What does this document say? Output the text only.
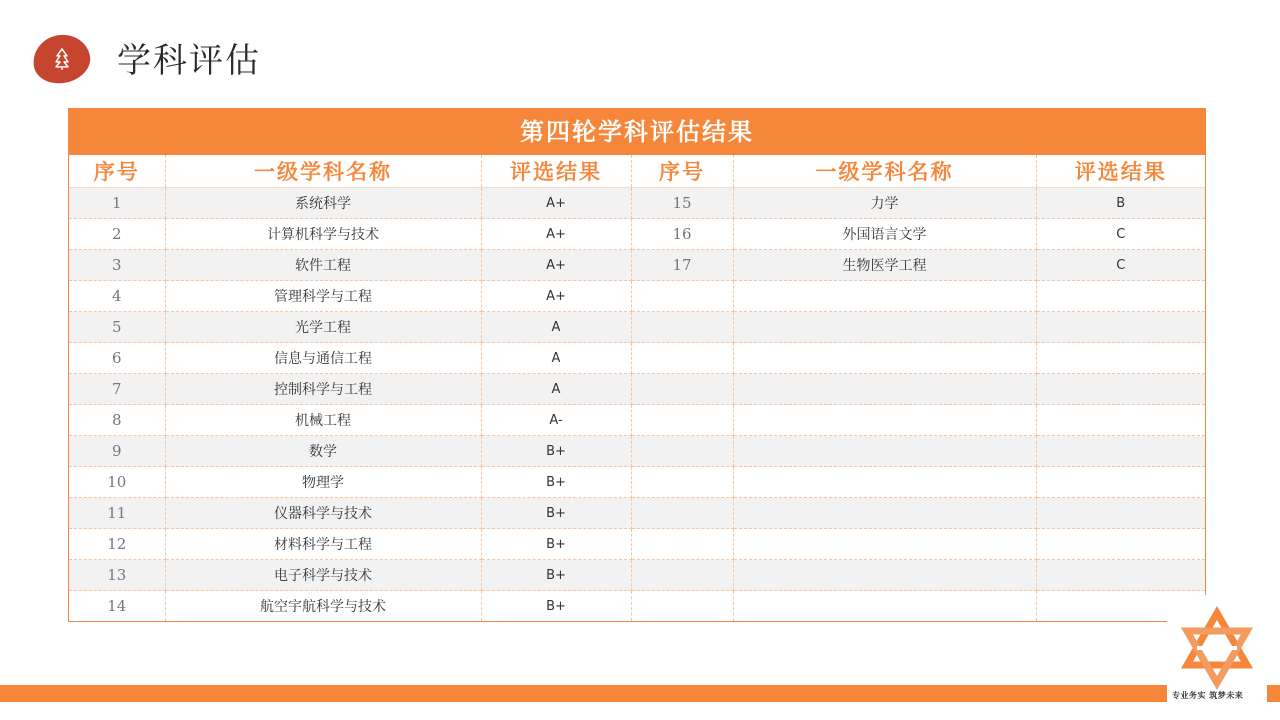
学科评估
第四轮学科评估结果
序号	一级学科名称	评选结果	序号	一级学科名称	评选结果
1	系统科学	A+	15	力学	B
2	计算机科学与技术	A+	16	外国语言文学	C
3	软件工程	A+	17	生物医学工程	C
4	管理科学与工程	A+			
5	光学工程	A			
6	信息与通信工程	A			
7	控制科学与工程	A			
8	机械工程	A-			
9	数学	B+			
10	物理学	B+			
11	仪器科学与技术	B+			
12	材料科学与工程	B+			
13	电子科学与技术	B+			
14	航空宇航科学与技术	B+			
专业务实 筑梦未来
